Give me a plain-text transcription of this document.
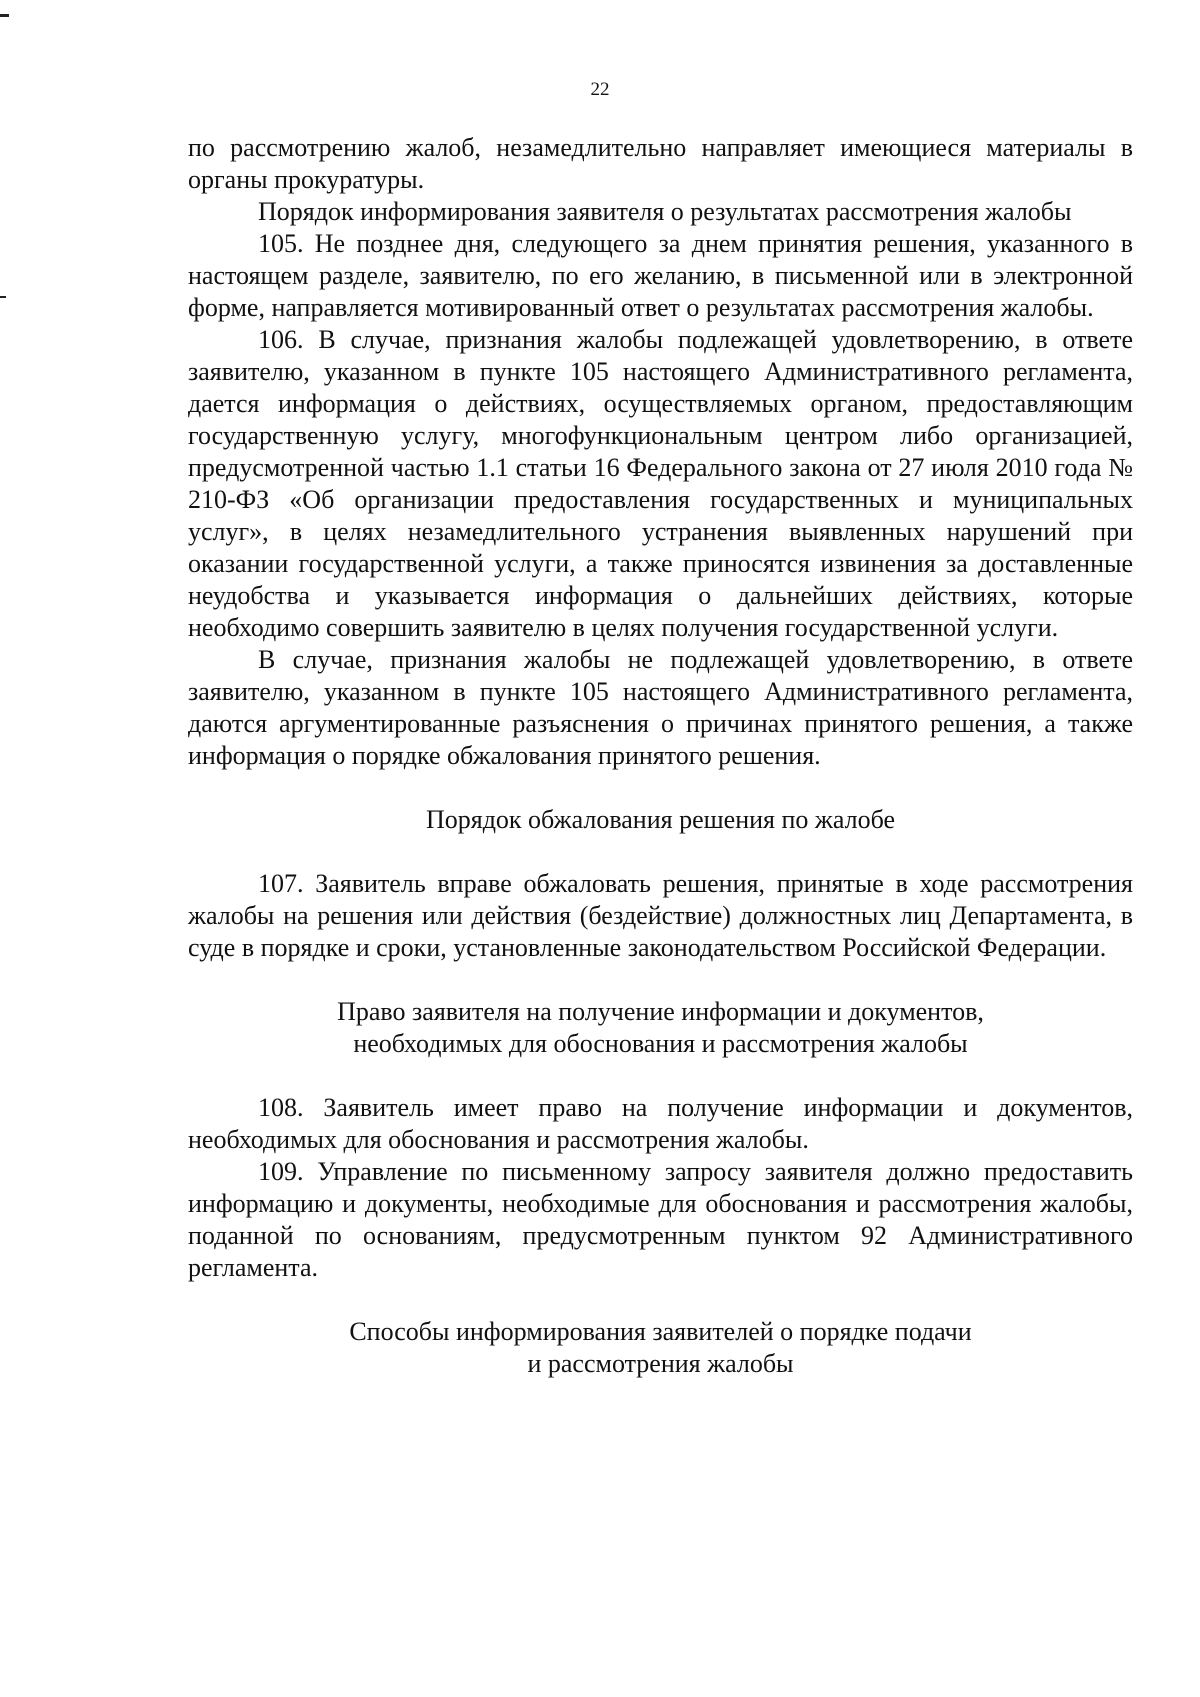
22

по рассмотрению жалоб, незамедлительно направляет имеющиеся материалы в органы прокуратуры.

Порядок информирования заявителя о результатах рассмотрения жалобы

105. Не позднее дня, следующего за днем принятия решения, указанного в настоящем разделе, заявителю, по его желанию, в письменной или в электронной форме, направляется мотивированный ответ о результатах рассмотрения жалобы.

106. В случае, признания жалобы подлежащей удовлетворению, в ответе заявителю, указанном в пункте 105 настоящего Административного регламента, дается информация о действиях, осуществляемых органом, предоставляющим государственную услугу, многофункциональным центром либо организацией, предусмотренной частью 1.1 статьи 16 Федерального закона от 27 июля 2010 года № 210-ФЗ «Об организации предоставления государственных и муниципальных услуг», в целях незамедлительного устранения выявленных нарушений при оказании государственной услуги, а также приносятся извинения за доставленные неудобства и указывается информация о дальнейших действиях, которые необходимо совершить заявителю в целях получения государственной услуги.

В случае, признания жалобы не подлежащей удовлетворению, в ответе заявителю, указанном в пункте 105 настоящего Административного регламента, даются аргументированные разъяснения о причинах принятого решения, а также информация о порядке обжалования принятого решения.

Порядок обжалования решения по жалобе

107. Заявитель вправе обжаловать решения, принятые в ходе рассмотрения жалобы на решения или действия (бездействие) должностных лиц Департамента, в суде в порядке и сроки, установленные законодательством Российской Федерации.

Право заявителя на получение информации и документов,

необходимых для обоснования и рассмотрения жалобы

108. Заявитель имеет право на получение информации и документов, необходимых для обоснования и рассмотрения жалобы.

109. Управление по письменному запросу заявителя должно предоставить информацию и документы, необходимые для обоснования и рассмотрения жалобы, поданной по основаниям, предусмотренным пунктом 92 Административного регламента.

Способы информирования заявителей о порядке подачи

и рассмотрения жалобы
